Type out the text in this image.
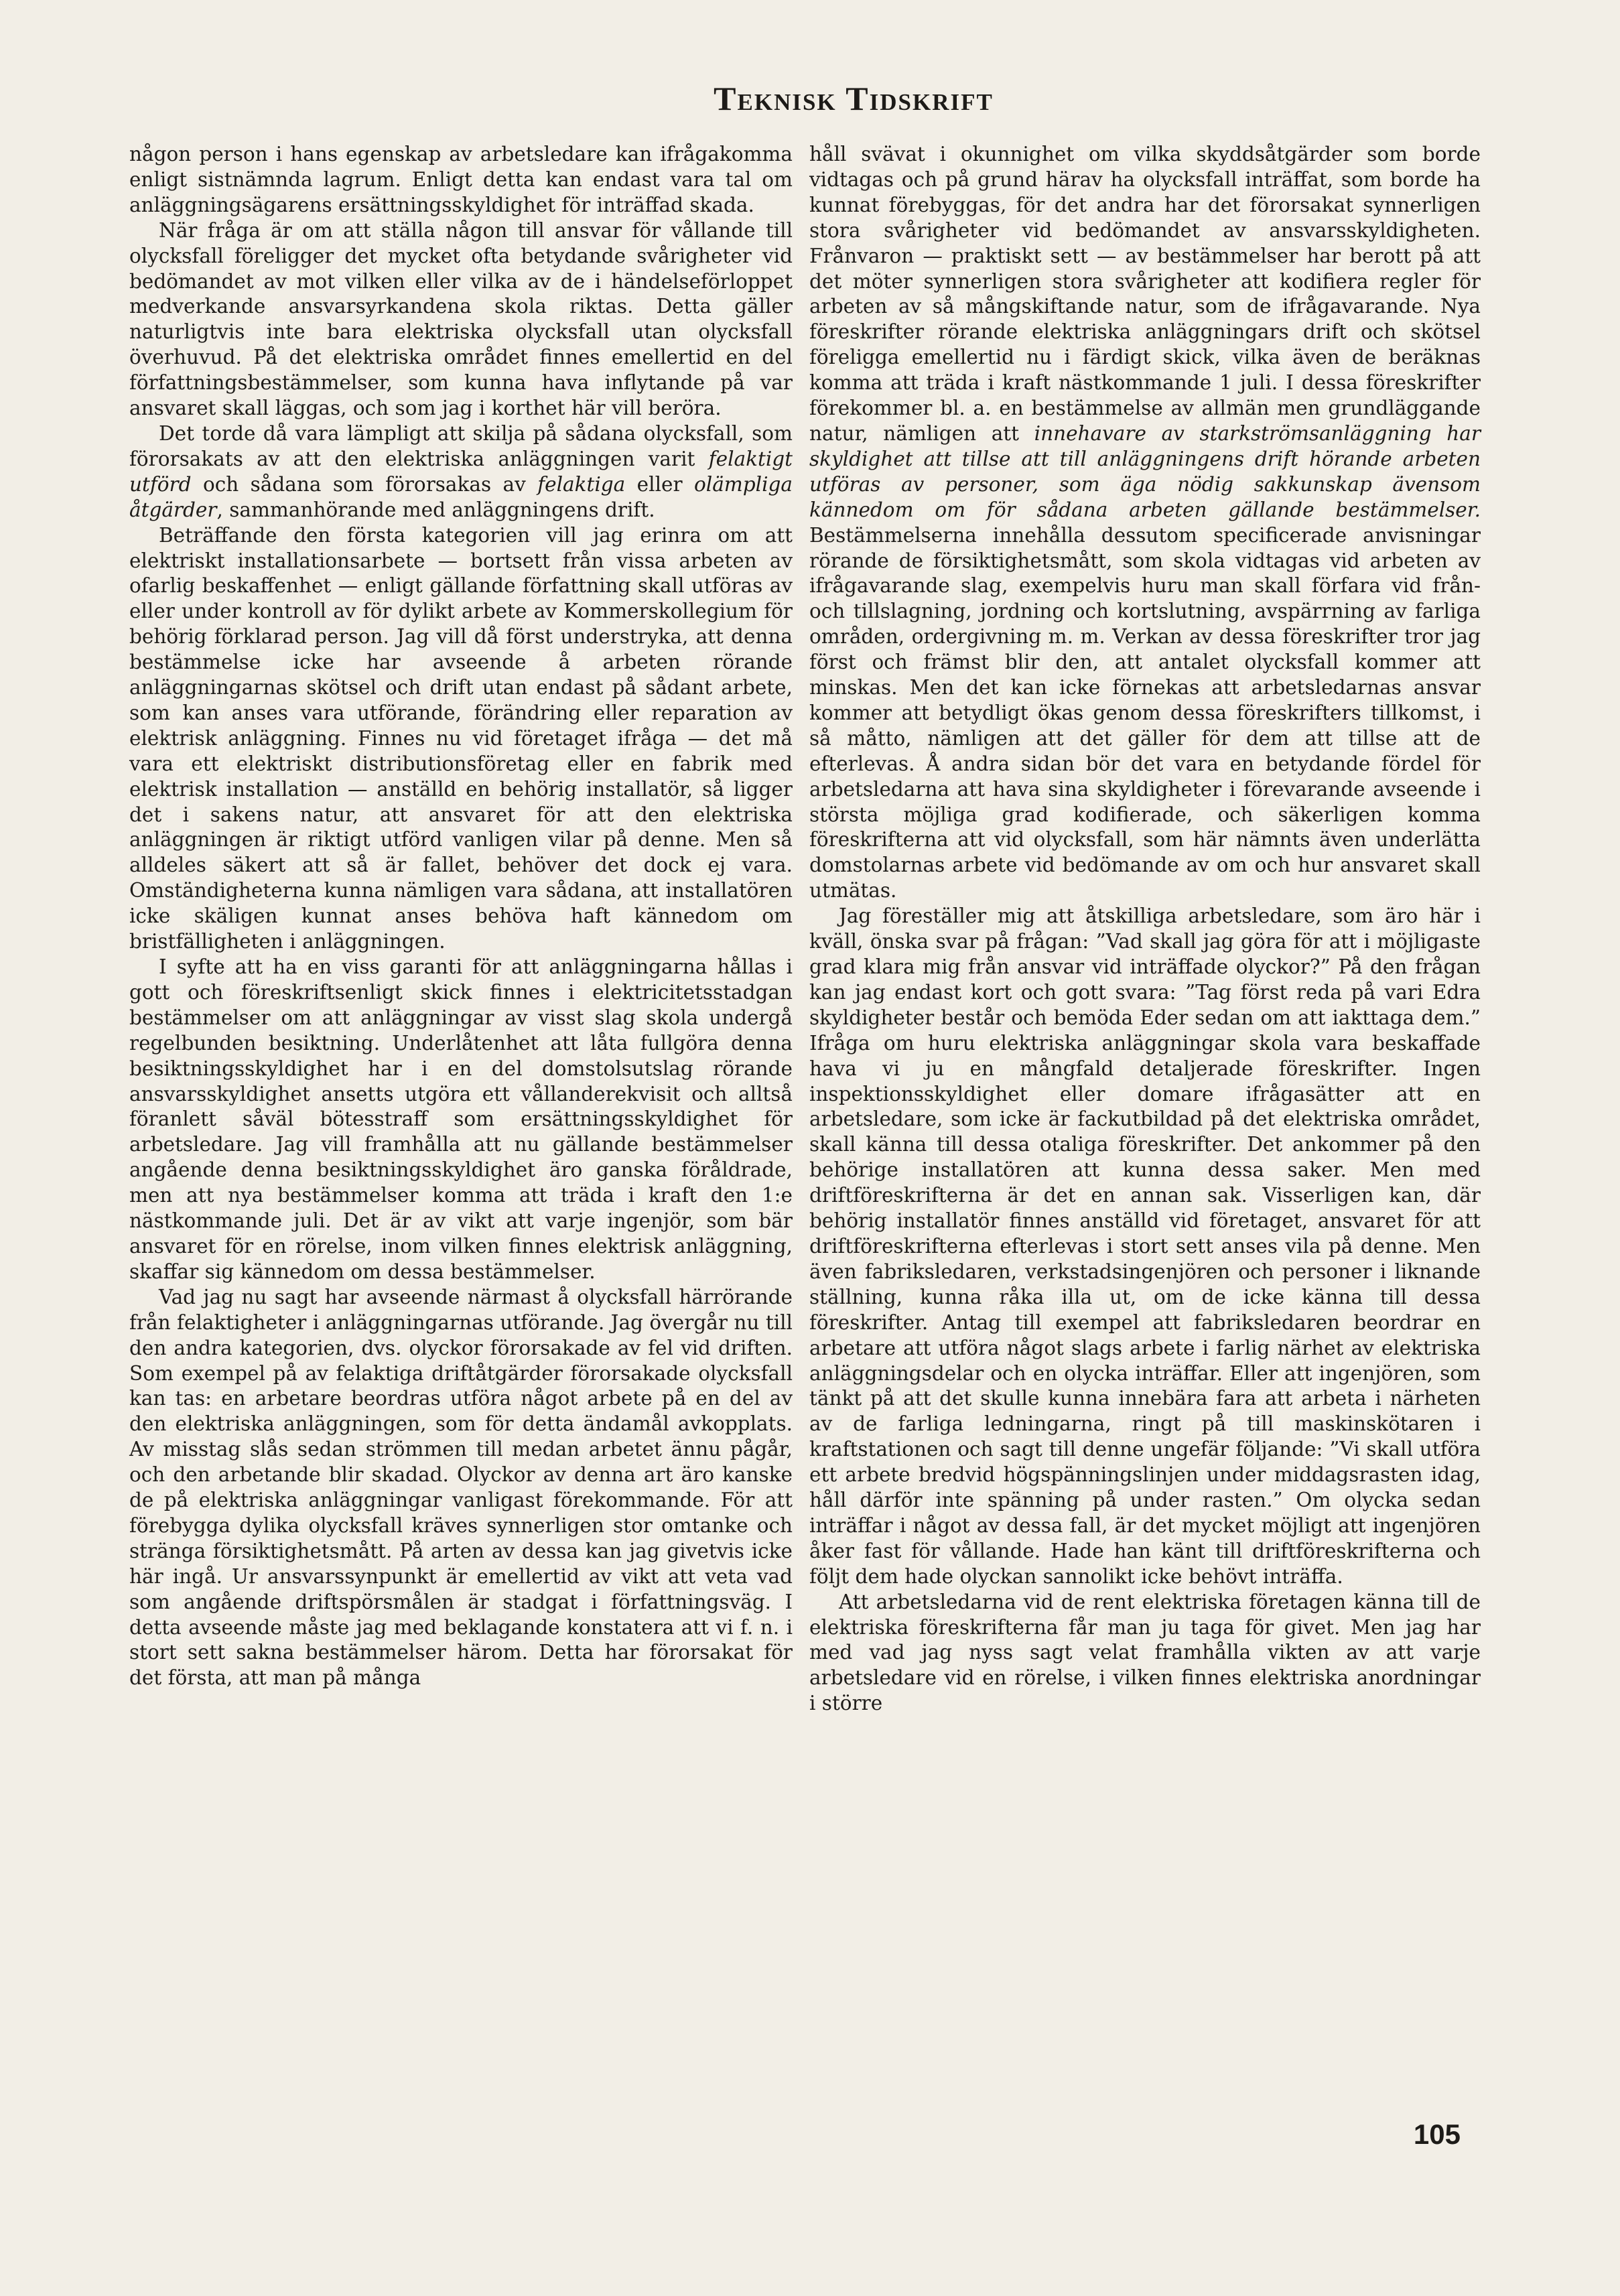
Teknisk Tidskrift

någon person i hans egenskap av arbetsledare kan ifrågakomma enligt sistnämnda lagrum. Enligt detta kan endast vara tal om anläggningsägarens ersättningsskyldighet för inträffad skada.

När fråga är om att ställa någon till ansvar för vållande till olycksfall föreligger det mycket ofta betydande svårigheter vid bedömandet av mot vilken eller vilka av de i händelseförloppet medverkande ansvarsyrkandena skola riktas. Detta gäller naturligtvis inte bara elektriska olycksfall utan olycksfall överhuvud. På det elektriska området finnes emellertid en del författningsbestämmelser, som kunna hava inflytande på var ansvaret skall läggas, och som jag i korthet här vill beröra.

Det torde då vara lämpligt att skilja på sådana olycksfall, som förorsakats av att den elektriska anläggningen varit felaktigt utförd och sådana som förorsakas av felaktiga eller olämpliga åtgärder, sammanhörande med anläggningens drift.

Beträffande den första kategorien vill jag erinra om att elektriskt installationsarbete — bortsett från vissa arbeten av ofarlig beskaffenhet — enligt gällande författning skall utföras av eller under kontroll av för dylikt arbete av Kommerskollegium för behörig förklarad person. Jag vill då först understryka, att denna bestämmelse icke har avseende å arbeten rörande anläggningarnas skötsel och drift utan endast på sådant arbete, som kan anses vara utförande, förändring eller reparation av elektrisk anläggning. Finnes nu vid företaget ifråga — det må vara ett elektriskt distributionsföretag eller en fabrik med elektrisk installation — anställd en behörig installatör, så ligger det i sakens natur, att ansvaret för att den elektriska anläggningen är riktigt utförd vanligen vilar på denne. Men så alldeles säkert att så är fallet, behöver det dock ej vara. Omständigheterna kunna nämligen vara sådana, att installatören icke skäligen kunnat anses behöva haft kännedom om bristfälligheten i anläggningen.

I syfte att ha en viss garanti för att anläggningarna hållas i gott och föreskriftsenligt skick finnes i elektricitetsstadgan bestämmelser om att anläggningar av visst slag skola undergå regelbunden besiktning. Underlåtenhet att låta fullgöra denna besiktningsskyldighet har i en del domstolsutslag rörande ansvarsskyldighet ansetts utgöra ett vållanderekvisit och alltså föranlett såväl bötesstraff som ersättningsskyldighet för arbetsledare. Jag vill framhålla att nu gällande bestämmelser angående denna besiktningsskyldighet äro ganska föråldrade, men att nya bestämmelser komma att träda i kraft den 1:e nästkommande juli. Det är av vikt att varje ingenjör, som bär ansvaret för en rörelse, inom vilken finnes elektrisk anläggning, skaffar sig kännedom om dessa bestämmelser.

Vad jag nu sagt har avseende närmast å olycksfall härrörande från felaktigheter i anläggningarnas utförande. Jag övergår nu till den andra kategorien, dvs. olyckor förorsakade av fel vid driften. Som exempel på av felaktiga driftåtgärder förorsakade olycksfall kan tas: en arbetare beordras utföra något arbete på en del av den elektriska anläggningen, som för detta ändamål avkopplats. Av misstag slås sedan strömmen till medan arbetet ännu pågår, och den arbetande blir skadad. Olyckor av denna art äro kanske de på elektriska anläggningar vanligast förekommande. För att förebygga dylika olycksfall kräves synnerligen stor omtanke och stränga försiktighetsmått. På arten av dessa kan jag givetvis icke här ingå. Ur ansvarssynpunkt är emellertid av vikt att veta vad som angående driftspörsmålen är stadgat i författningsväg. I detta avseende måste jag med beklagande konstatera att vi f. n. i stort sett sakna bestämmelser härom. Detta har förorsakat för det första, att man på många

håll svävat i okunnighet om vilka skyddsåtgärder som borde vidtagas och på grund härav ha olycksfall inträffat, som borde ha kunnat förebyggas, för det andra har det förorsakat synnerligen stora svårigheter vid bedömandet av ansvarsskyldigheten. Frånvaron — praktiskt sett — av bestämmelser har berott på att det möter synnerligen stora svårigheter att kodifiera regler för arbeten av så mångskiftande natur, som de ifrågavarande. Nya föreskrifter rörande elektriska anläggningars drift och skötsel föreligga emellertid nu i färdigt skick, vilka även de beräknas komma att träda i kraft nästkommande 1 juli. I dessa föreskrifter förekommer bl. a. en bestämmelse av allmän men grundläggande natur, nämligen att innehavare av starkströmsanläggning har skyldighet att tillse att till anläggningens drift hörande arbeten utföras av personer, som äga nödig sakkunskap ävensom kännedom om för sådana arbeten gällande bestämmelser. Bestämmelserna innehålla dessutom specificerade anvisningar rörande de försiktighetsmått, som skola vidtagas vid arbeten av ifrågavarande slag, exempelvis huru man skall förfara vid från- och tillslagning, jordning och kortslutning, avspärrning av farliga områden, ordergivning m. m. Verkan av dessa föreskrifter tror jag först och främst blir den, att antalet olycksfall kommer att minskas. Men det kan icke förnekas att arbetsledarnas ansvar kommer att betydligt ökas genom dessa föreskrifters tillkomst, i så måtto, nämligen att det gäller för dem att tillse att de efterlevas. Å andra sidan bör det vara en betydande fördel för arbetsledarna att hava sina skyldigheter i förevarande avseende i största möjliga grad kodifierade, och säkerligen komma föreskrifterna att vid olycksfall, som här nämnts även underlätta domstolarnas arbete vid bedömande av om och hur ansvaret skall utmätas.

Jag föreställer mig att åtskilliga arbetsledare, som äro här i kväll, önska svar på frågan: ”Vad skall jag göra för att i möjligaste grad klara mig från ansvar vid inträffade olyckor?” På den frågan kan jag endast kort och gott svara: ”Tag först reda på vari Edra skyldigheter består och bemöda Eder sedan om att iakttaga dem.” Ifråga om huru elektriska anläggningar skola vara beskaffade hava vi ju en mångfald detaljerade föreskrifter. Ingen inspektionsskyldighet eller domare ifrågasätter att en arbetsledare, som icke är fackutbildad på det elektriska området, skall känna till dessa otaliga föreskrifter. Det ankommer på den behörige installatören att kunna dessa saker. Men med driftföreskrifterna är det en annan sak. Visserligen kan, där behörig installatör finnes anställd vid företaget, ansvaret för att driftföreskrifterna efterlevas i stort sett anses vila på denne. Men även fabriksledaren, verkstadsingenjören och personer i liknande ställning, kunna råka illa ut, om de icke känna till dessa föreskrifter. Antag till exempel att fabriksledaren beordrar en arbetare att utföra något slags arbete i farlig närhet av elektriska anläggningsdelar och en olycka inträffar. Eller att ingenjören, som tänkt på att det skulle kunna innebära fara att arbeta i närheten av de farliga ledningarna, ringt på till maskinskötaren i kraftstationen och sagt till denne ungefär följande: ”Vi skall utföra ett arbete bredvid högspänningslinjen under middagsrasten idag, håll därför inte spänning på under rasten.” Om olycka sedan inträffar i något av dessa fall, är det mycket möjligt att ingenjören åker fast för vållande. Hade han känt till driftföreskrifterna och följt dem hade olyckan sannolikt icke behövt inträffa.

Att arbetsledarna vid de rent elektriska företagen känna till de elektriska föreskrifterna får man ju taga för givet. Men jag har med vad jag nyss sagt velat framhålla vikten av att varje arbetsledare vid en rörelse, i vilken finnes elektriska anordningar i större

105
